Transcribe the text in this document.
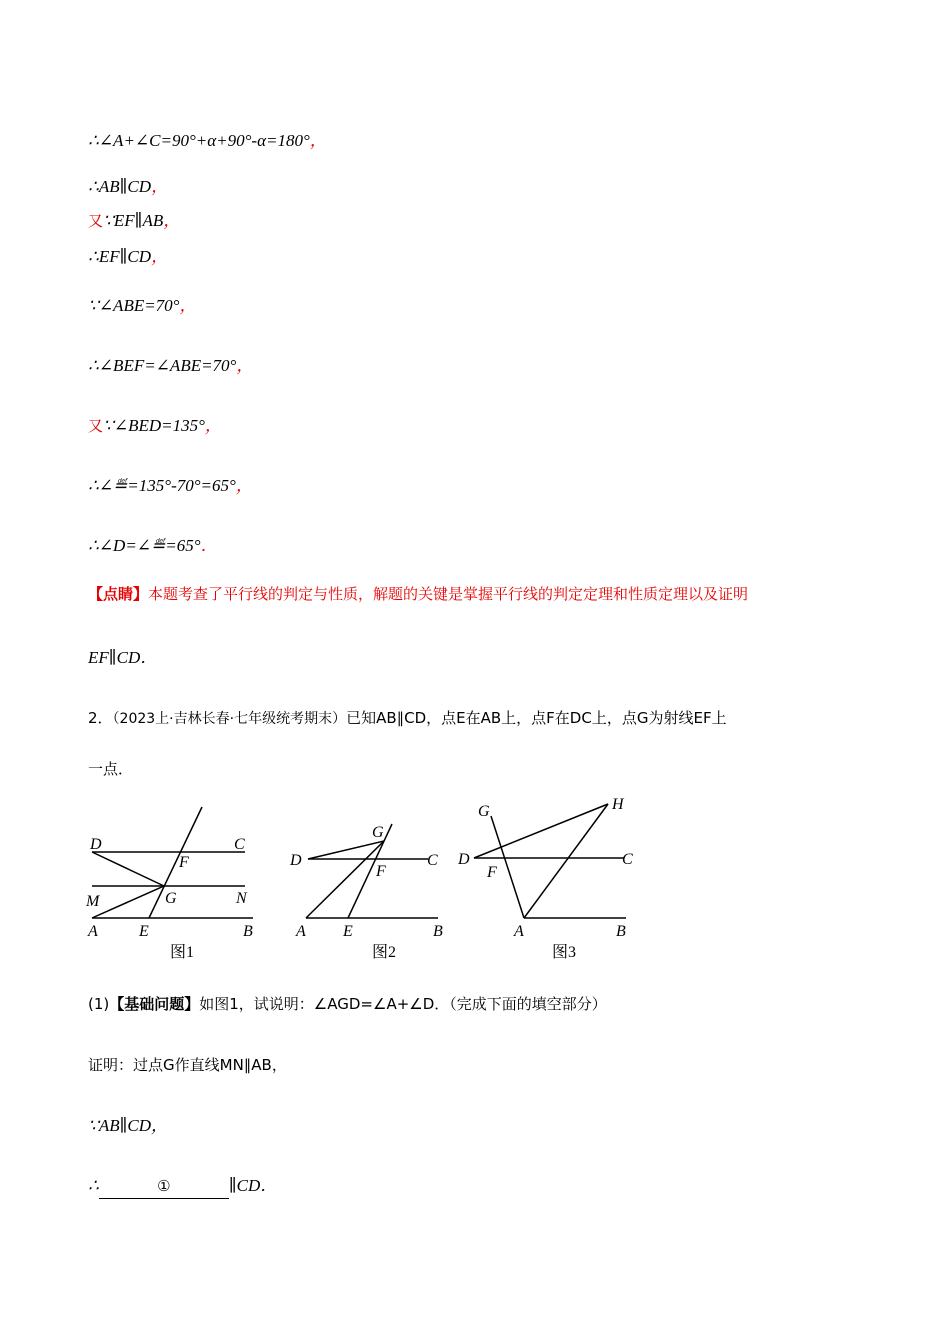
∴∠A+∠C=90°+α+90°-α=180°，
∴AB∥CD，
又∵EF∥AB，
∴EF∥CD，
∵∠ABE=70°，
∴∠BEF=∠ABE=70°，
又∵∠BED=135°，
∴∠≝=135°-70°=65°，
∴∠D=∠≝=65°．
【点睛】本题考查了平行线的判定与性质，解题的关键是掌握平行线的判定定理和性质定理以及证明
EF∥CD．
2．（2023上·吉林长春·七年级统考期末）已知AB∥CD，点E在AB上，点F在DC上，点G为射线EF上
一点．
D	C
F
M	G	N
A	E	B
图1
G
D	C
F
A E	B
图2
G	H
D	C
F
A	B
图3
(1)【基础问题】如图1，试说明：∠AGD=∠A+∠D．（完成下面的填空部分）
证明：过点G作直线MN∥AB，
∵AB∥CD，
∴	①	∥CD．
